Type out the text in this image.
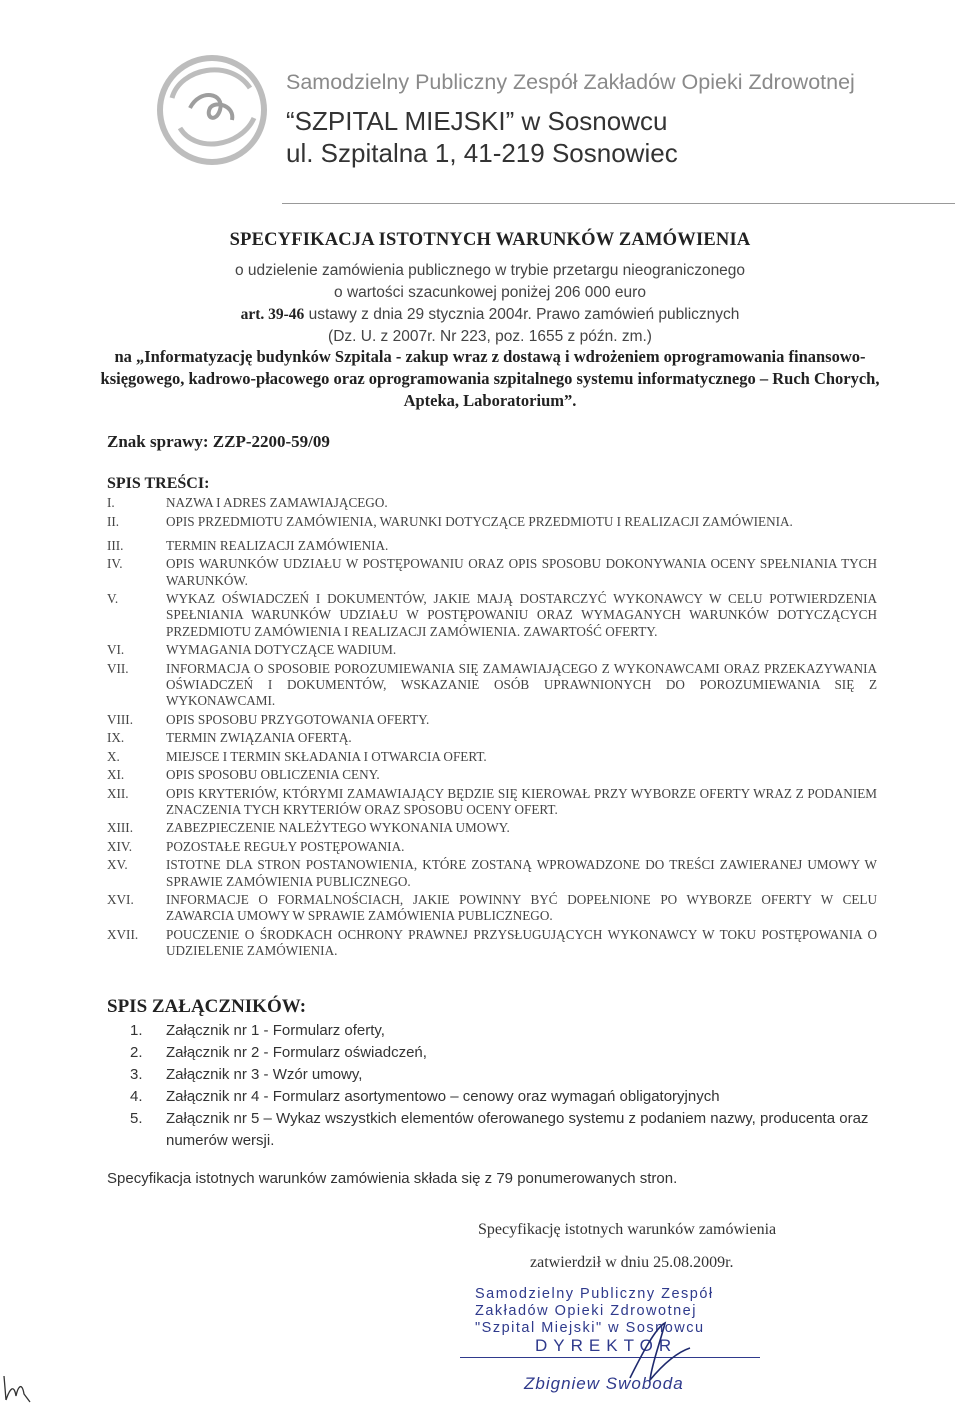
Samodzielny Publiczny Zespół Zakładów Opieki Zdrowotnej
“SZPITAL MIEJSKI” w Sosnowcu
ul. Szpitalna 1, 41-219 Sosnowiec
SPECYFIKACJA ISTOTNYCH WARUNKÓW ZAMÓWIENIA
o udzielenie zamówienia publicznego w trybie przetargu nieograniczonego
o wartości szacunkowej poniżej 206 000 euro
art. 39-46 ustawy z dnia 29 stycznia 2004r. Prawo zamówień publicznych
(Dz. U. z 2007r. Nr 223, poz. 1655 z późn. zm.)
na „Informatyzację budynków Szpitala - zakup wraz z dostawą i wdrożeniem oprogramowania finansowo-księgowego, kadrowo-płacowego oraz oprogramowania szpitalnego systemu informatycznego – Ruch Chorych, Apteka, Laboratorium”.
Znak sprawy: ZZP-2200-59/09
SPIS TREŚCI:
I.	NAZWA I ADRES ZAMAWIAJĄCEGO.
II.	OPIS PRZEDMIOTU ZAMÓWIENIA, WARUNKI DOTYCZĄCE PRZEDMIOTU I REALIZACJI ZAMÓWIENIA.
III.	TERMIN REALIZACJI ZAMÓWIENIA.
IV.	OPIS WARUNKÓW UDZIAŁU W POSTĘPOWANIU ORAZ OPIS SPOSOBU DOKONYWANIA OCENY SPEŁNIANIA TYCH WARUNKÓW.
V.	WYKAZ OŚWIADCZEŃ I DOKUMENTÓW, JAKIE MAJĄ DOSTARCZYĆ WYKONAWCY W CELU POTWIERDZENIA SPEŁNIANIA WARUNKÓW UDZIAŁU W POSTĘPOWANIU ORAZ WYMAGANYCH WARUNKÓW DOTYCZĄCYCH PRZEDMIOTU ZAMÓWIENIA I REALIZACJI ZAMÓWIENIA. ZAWARTOŚĆ OFERTY.
VI.	WYMAGANIA DOTYCZĄCE WADIUM.
VII.	INFORMACJA O SPOSOBIE POROZUMIEWANIA SIĘ ZAMAWIAJĄCEGO Z WYKONAWCAMI ORAZ PRZEKAZYWANIA OŚWIADCZEŃ I DOKUMENTÓW, WSKAZANIE OSÓB UPRAWNIONYCH DO POROZUMIEWANIA SIĘ Z WYKONAWCAMI.
VIII.	OPIS SPOSOBU PRZYGOTOWANIA OFERTY.
IX.	TERMIN ZWIĄZANIA OFERTĄ.
X.	MIEJSCE I TERMIN SKŁADANIA I OTWARCIA OFERT.
XI.	OPIS SPOSOBU OBLICZENIA CENY.
XII.	OPIS KRYTERIÓW, KTÓRYMI ZAMAWIAJĄCY BĘDZIE SIĘ KIEROWAŁ PRZY WYBORZE OFERTY WRAZ Z PODANIEM ZNACZENIA TYCH KRYTERIÓW ORAZ SPOSOBU OCENY OFERT.
XIII.	ZABEZPIECZENIE NALEŻYTEGO WYKONANIA UMOWY.
XIV.	POZOSTAŁE REGUŁY POSTĘPOWANIA.
XV.	ISTOTNE DLA STRON POSTANOWIENIA, KTÓRE ZOSTANĄ WPROWADZONE DO TREŚCI ZAWIERANEJ UMOWY W SPRAWIE ZAMÓWIENIA PUBLICZNEGO.
XVI.	INFORMACJE O FORMALNOŚCIACH, JAKIE POWINNY BYĆ DOPEŁNIONE PO WYBORZE OFERTY W CELU ZAWARCIA UMOWY W SPRAWIE ZAMÓWIENIA PUBLICZNEGO.
XVII.	POUCZENIE O ŚRODKACH OCHRONY PRAWNEJ PRZYSŁUGUJĄCYCH WYKONAWCY W TOKU POSTĘPOWANIA O UDZIELENIE ZAMÓWIENIA.
SPIS ZAŁĄCZNIKÓW:
1.	Załącznik nr 1 - Formularz oferty,
2.	Załącznik nr 2 - Formularz oświadczeń,
3.	Załącznik nr 3 - Wzór umowy,
4.	Załącznik nr 4 - Formularz asortymentowo – cenowy oraz wymagań obligatoryjnych
5.	Załącznik nr 5 – Wykaz wszystkich elementów oferowanego systemu z podaniem nazwy, producenta oraz numerów wersji.
Specyfikacja istotnych warunków zamówienia składa się z 79 ponumerowanych stron.
Specyfikację istotnych warunków zamówienia
zatwierdził w dniu 25.08.2009r.
Samodzielny Publiczny Zespół
Zakładów Opieki Zdrowotnej
"Szpital Miejski" w Sosnowcu
DYREKTOR
Zbigniew Swoboda
